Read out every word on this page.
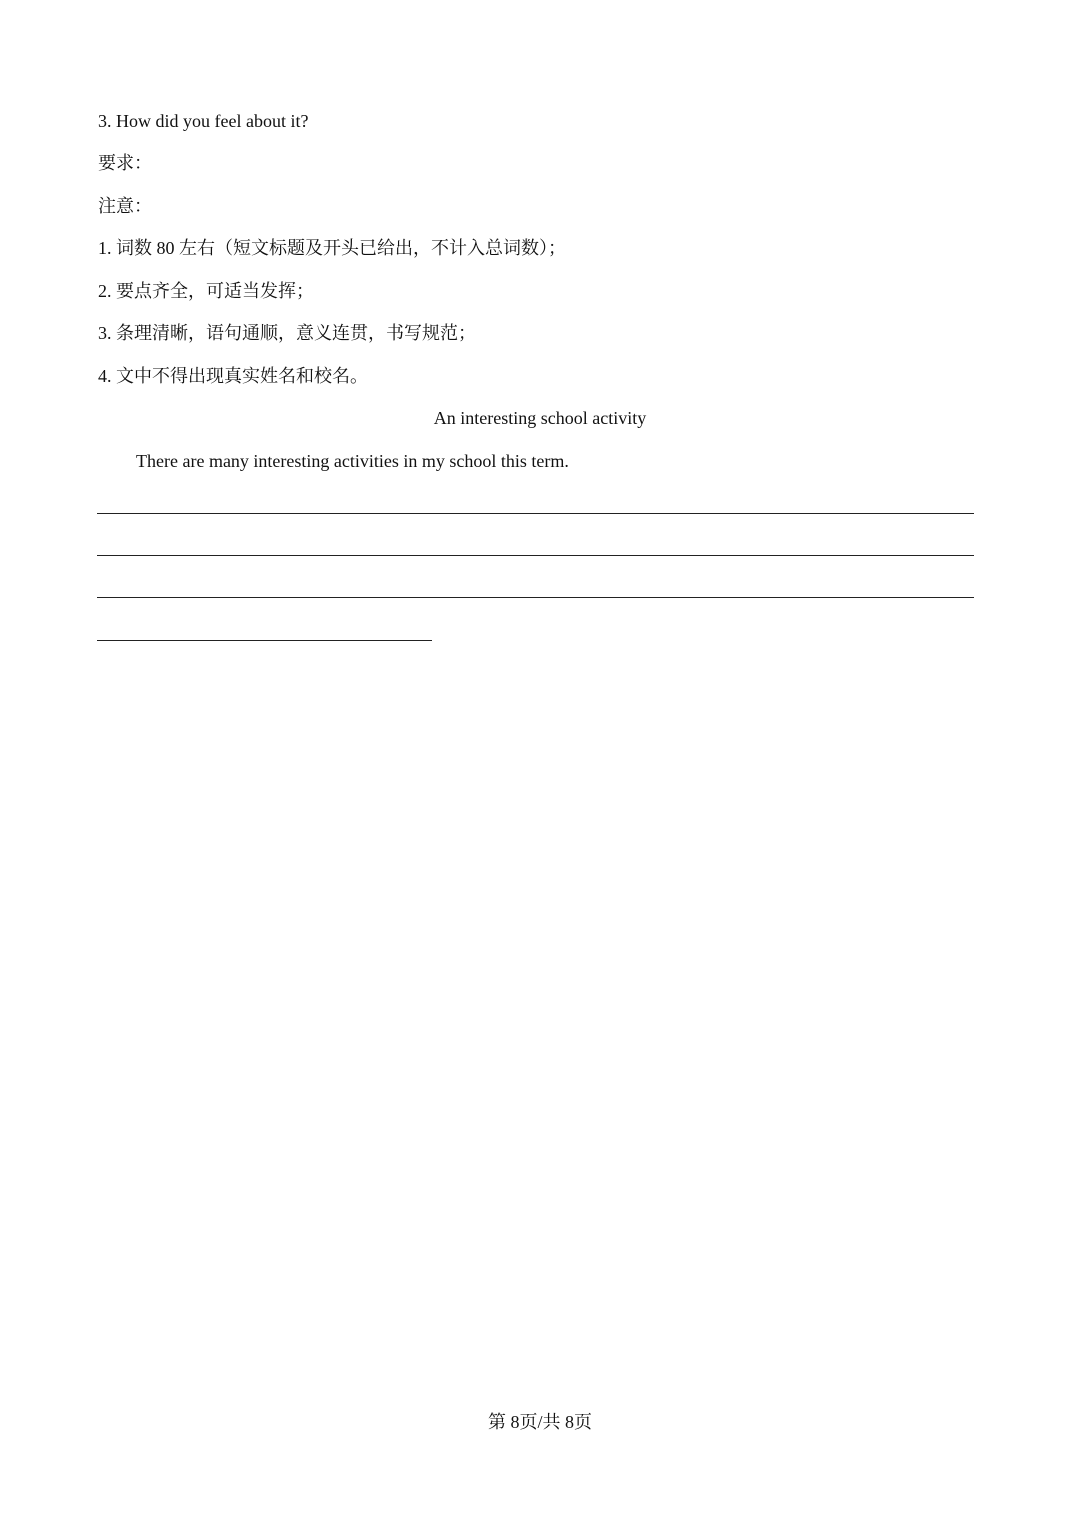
3. How did you feel about it?
要求：
注意：
1. 词数 80 左右（短文标题及开头已给出，不计入总词数）；
2. 要点齐全，可适当发挥；
3. 条理清晰，语句通顺，意义连贯，书写规范；
4. 文中不得出现真实姓名和校名。
An interesting school activity
There are many interesting activities in my school this term.
第 8页/共 8页
